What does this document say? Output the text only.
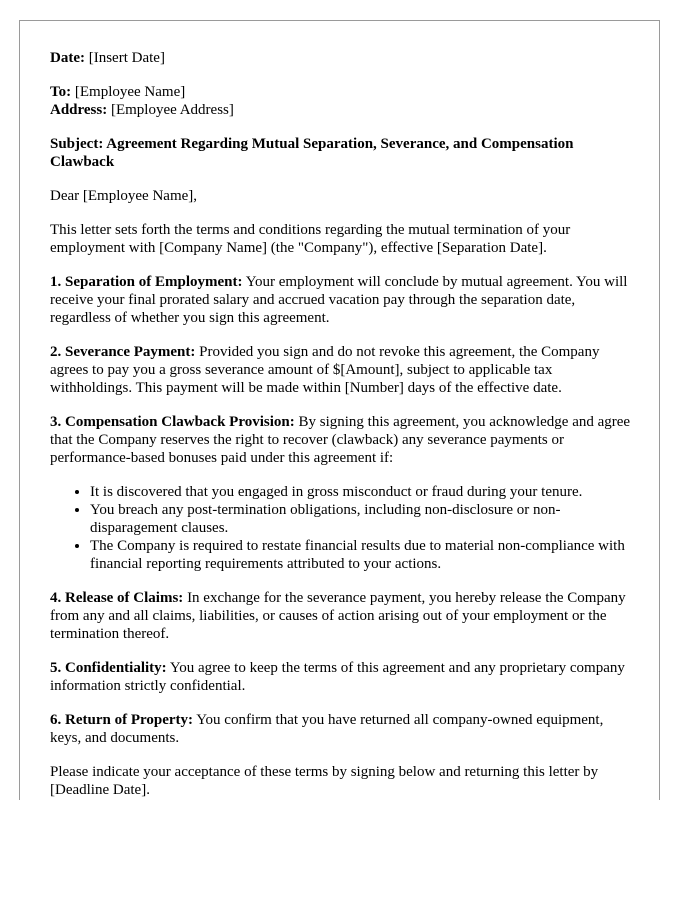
Date: [Insert Date]

To: [Employee Name]

Address: [Employee Address]

Subject: Agreement Regarding Mutual Separation, Severance, and Compensation Clawback

Dear [Employee Name],

This letter sets forth the terms and conditions regarding the mutual termination of your employment with [Company Name] (the "Company"), effective [Separation Date].

1. Separation of Employment: Your employment will conclude by mutual agreement. You will receive your final prorated salary and accrued vacation pay through the separation date, regardless of whether you sign this agreement.

2. Severance Payment: Provided you sign and do not revoke this agreement, the Company agrees to pay you a gross severance amount of $[Amount], subject to applicable tax withholdings. This payment will be made within [Number] days of the effective date.

3. Compensation Clawback Provision: By signing this agreement, you acknowledge and agree that the Company reserves the right to recover (clawback) any severance payments or performance-based bonuses paid under this agreement if:

• It is discovered that you engaged in gross misconduct or fraud during your tenure.
• You breach any post-termination obligations, including non-disclosure or non-disparagement clauses.
• The Company is required to restate financial results due to material non-compliance with financial reporting requirements attributed to your actions.

4. Release of Claims: In exchange for the severance payment, you hereby release the Company from any and all claims, liabilities, or causes of action arising out of your employment or the termination thereof.

5. Confidentiality: You agree to keep the terms of this agreement and any proprietary company information strictly confidential.

6. Return of Property: You confirm that you have returned all company-owned equipment, keys, and documents.

Please indicate your acceptance of these terms by signing below and returning this letter by [Deadline Date].
